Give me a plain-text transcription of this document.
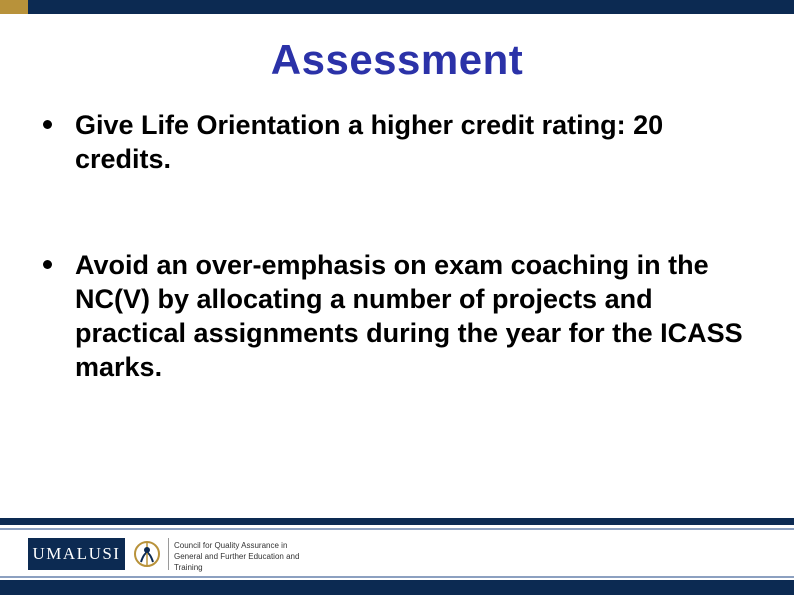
Assessment
Give Life Orientation a higher credit rating: 20 credits.
Avoid an over-emphasis on exam coaching in the NC(V) by allocating a number of projects and practical assignments during the year for the ICASS marks.
UMALUSI	Council for Quality Assurance in
General and Further Education and Training
